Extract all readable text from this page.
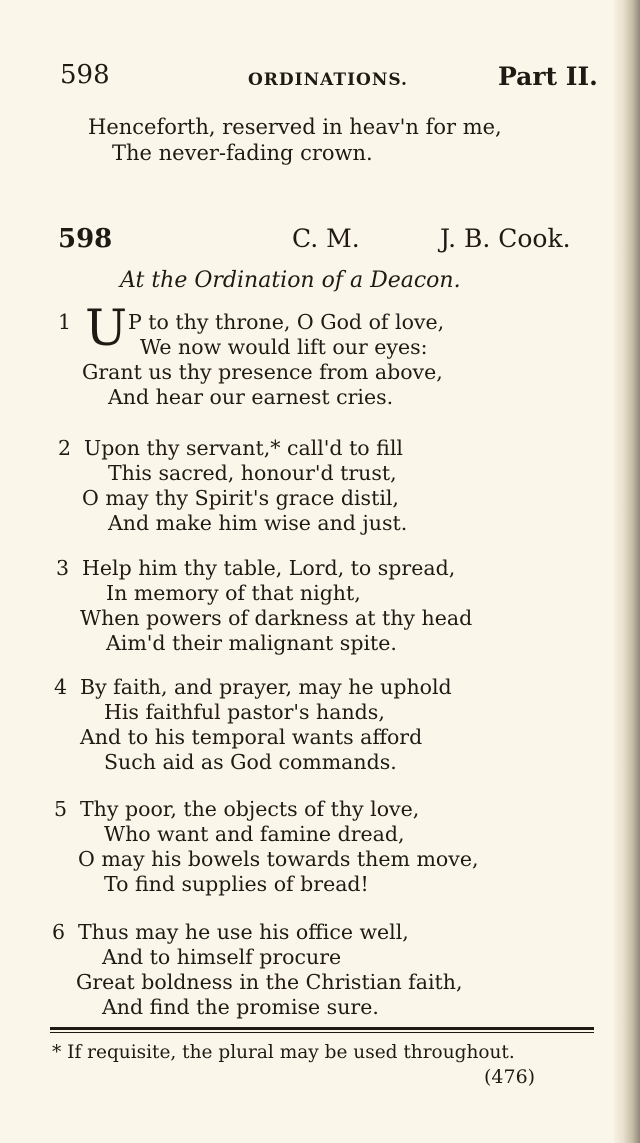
598	ORDINATIONS.	Part II.
Henceforth, reserved in heav'n for me,
The never-fading crown.
598	C. M.	J. B. Cook.
At the Ordination of a Deacon.
1 U P to thy throne, O God of love,
We now would lift our eyes:
Grant us thy presence from above,
And hear our earnest cries.
2 Upon thy servant,* call'd to fill
This sacred, honour'd trust,
O may thy Spirit's grace distil,
And make him wise and just.
3 Help him thy table, Lord, to spread,
In memory of that night,
When powers of darkness at thy head
Aim'd their malignant spite.
4 By faith, and prayer, may he uphold
His faithful pastor's hands,
And to his temporal wants afford
Such aid as God commands.
5 Thy poor, the objects of thy love,
Who want and famine dread,
O may his bowels towards them move,
To find supplies of bread!
6 Thus may he use his office well,
And to himself procure
Great boldness in the Christian faith,
And find the promise sure.
* If requisite, the plural may be used throughout.
(476)
